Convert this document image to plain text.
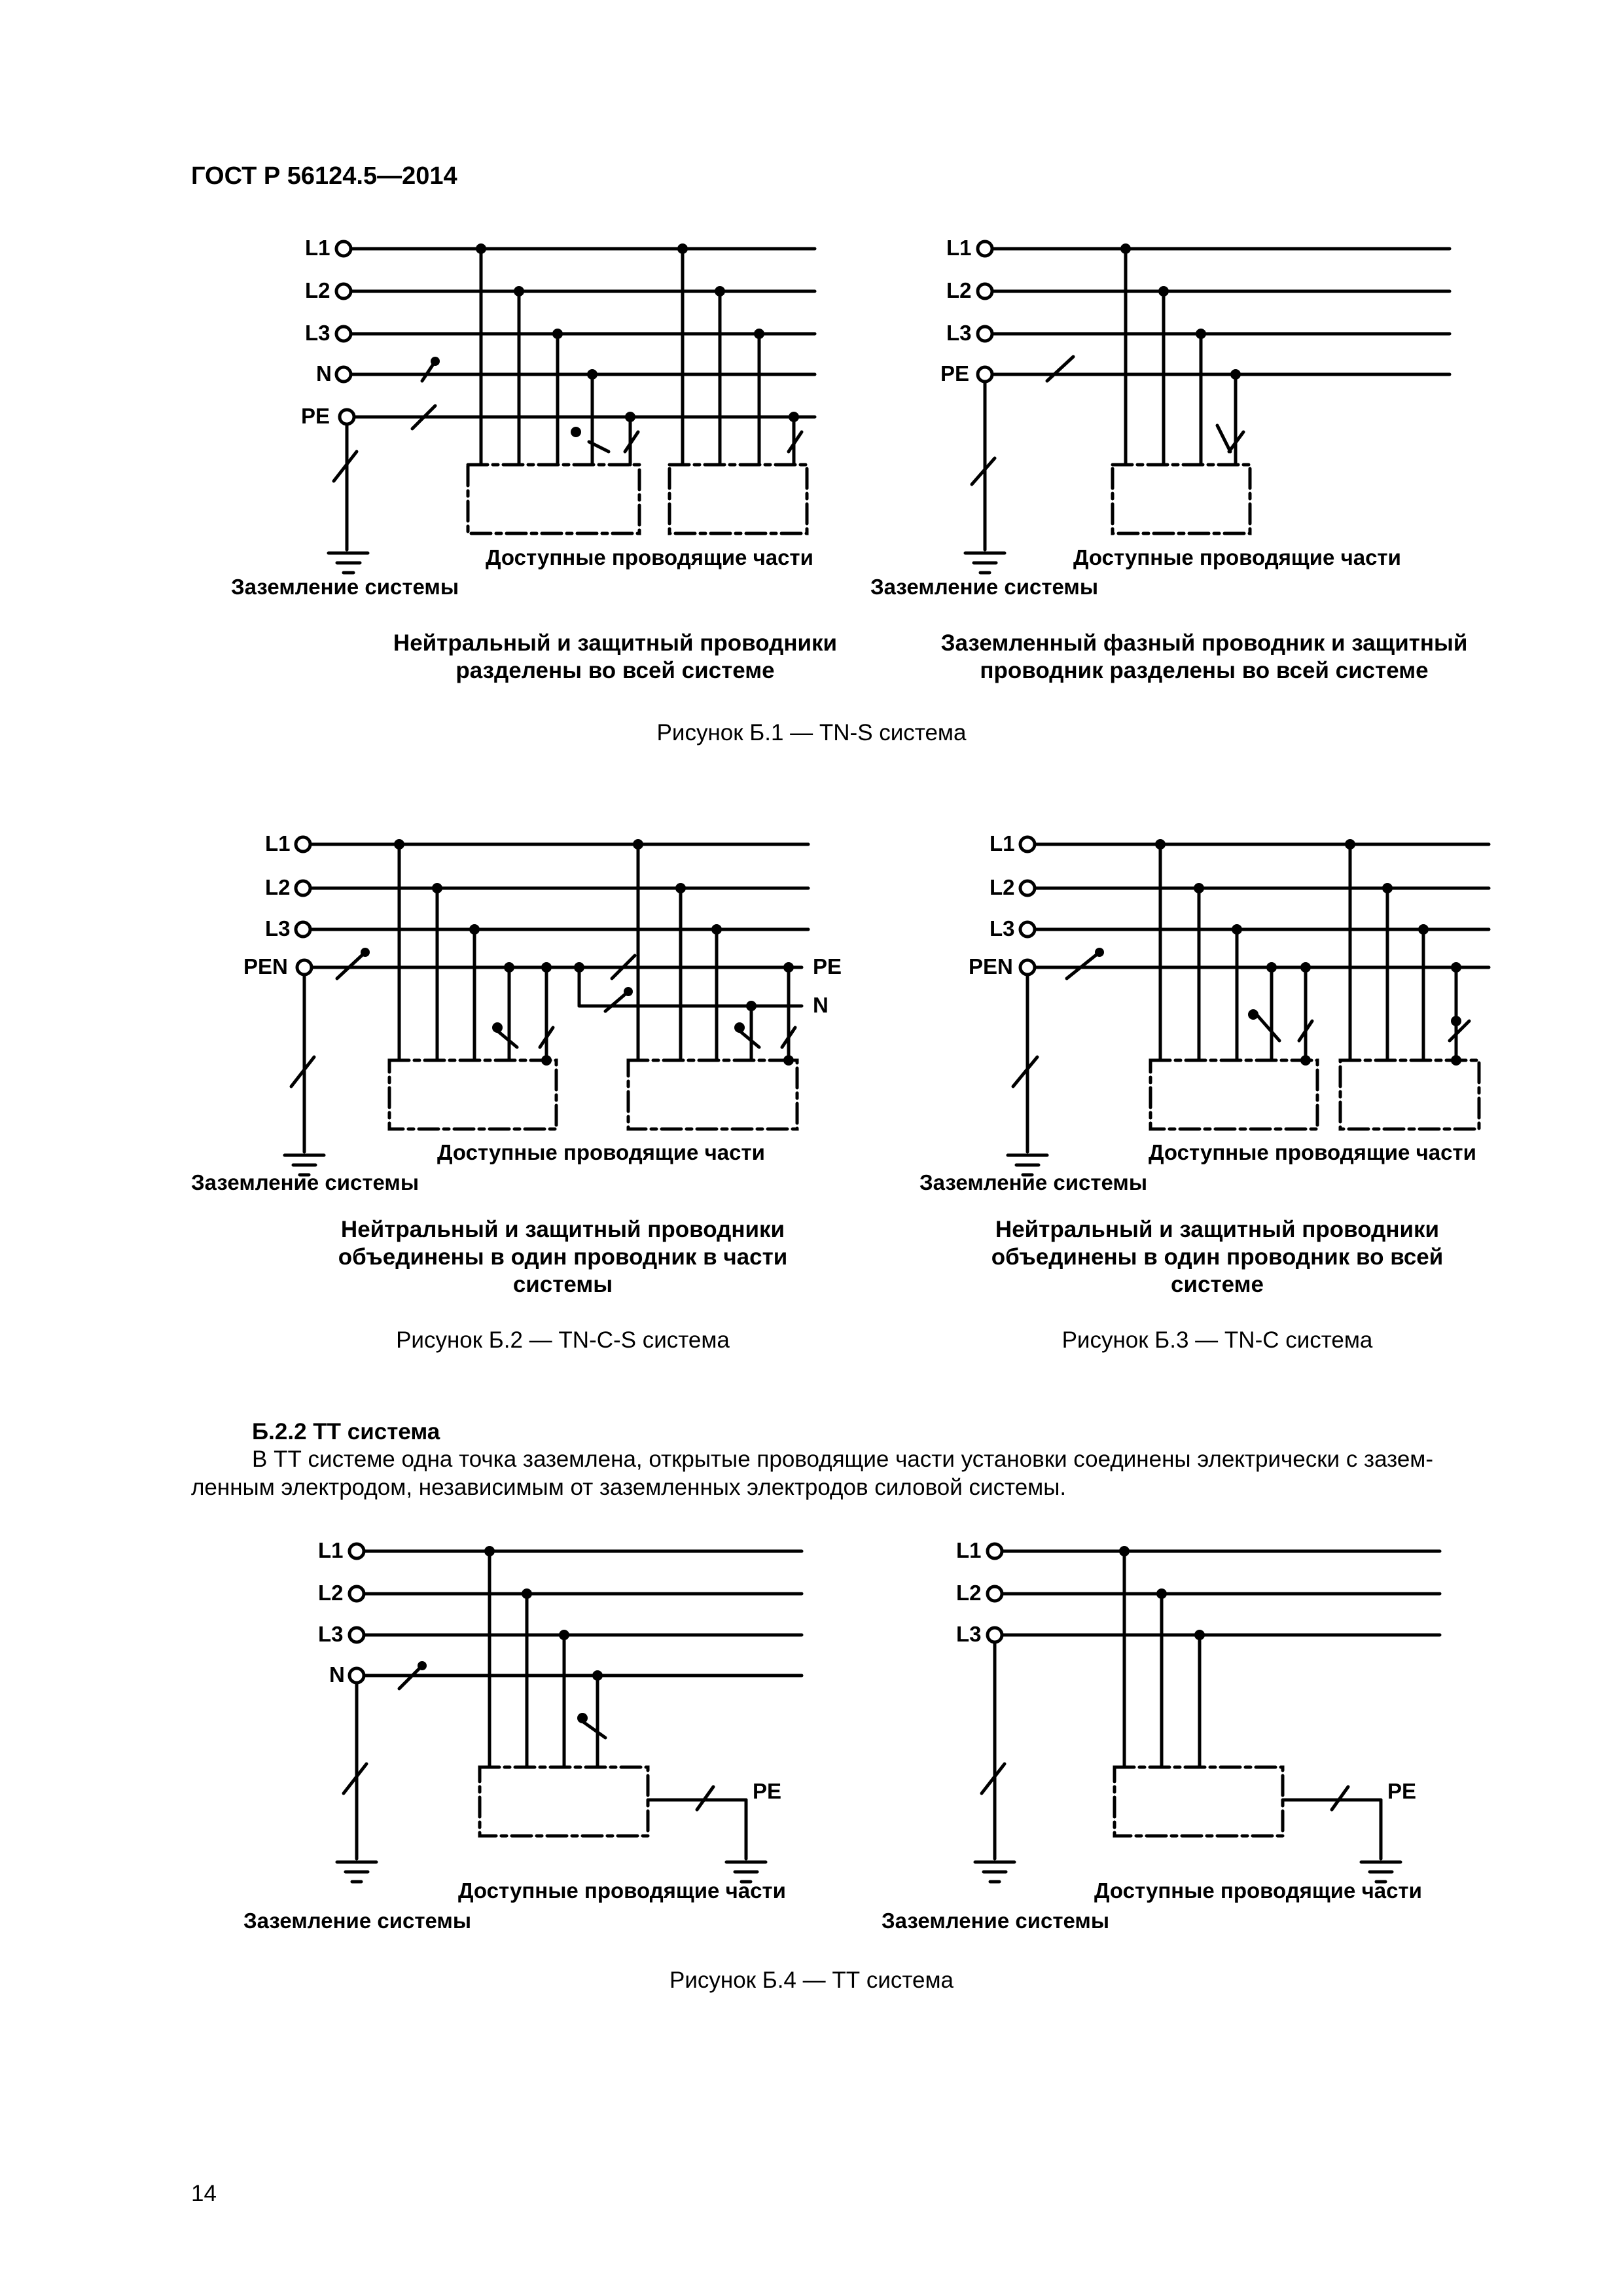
ГОСТ Р 56124.5—2014
L1
L2
L3
N
PE
L1
L2
L3
PE
L1
L2
L3
PEN	PE
N
L1
L2
L3
PEN
L1
L2
L3
N
PE
L1
L2
L3
PE
Доступные проводящие части
Заземление системы
Доступные проводящие части
Заземление системы
Доступные проводящие части
Заземление системы
Доступные проводящие части
Заземление системы
Доступные проводящие части
Заземление системы
Доступные проводящие части
Заземление системы
Нейтральный и защитный проводники
разделены во всей системе
Заземленный фазный проводник и защитный
проводник разделены во всей системе
Рисунок Б.1 — TN-S система
Нейтральный и защитный проводники
объединены в один проводник в части
системы
Нейтральный и защитный проводники
объединены в один проводник во всей
системе
Рисунок Б.2 — TN-C-S система	Рисунок Б.3 — TN-C система
Б.2.2 ТТ система
В ТТ системе одна точка заземлена, открытые проводящие части установки соединены электрически с зазем-
ленным электродом, независимым от заземленных электродов силовой системы.
Рисунок Б.4 — ТТ система
14
